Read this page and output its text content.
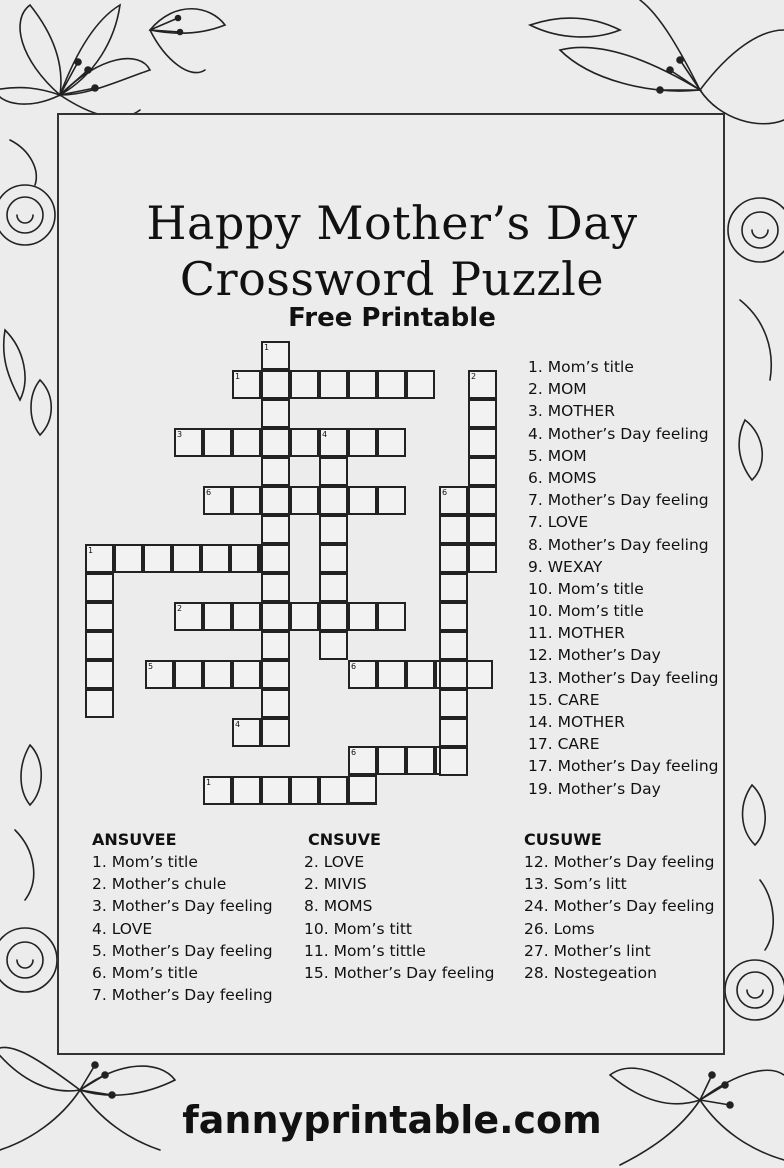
Happy Mother’s Day
Crossword Puzzle
Free Printable
1
1	2
3	4
6	6
1
2
5	6
4
6
1
1. Mom’s title
2. MOM
3. MOTHER
4. Mother’s Day feeling
5. MOM
6. MOMS
7. Mother’s Day feeling
7. LOVE
8. Mother’s Day feeling
9. WEXAY
10. Mom’s title
10. Mom’s title
11. MOTHER
12. Mother’s Day
13. Mother’s Day feeling
15. CARE
14. MOTHER
17. CARE
17. Mother’s Day feeling
19. Mother’s Day
ANSUVEE
1. Mom’s title
2. Mother’s chule
3. Mother’s Day feeling
4. LOVE
5. Mother’s Day feeling
6. Mom’s title
7. Mother’s Day feeling
CNSUVE
2. LOVE
2. MIVIS
8. MOMS
10. Mom’s titt
11. Mom’s tittle
15. Mother’s Day feeling
CUSUWE
12. Mother’s Day feeling
13. Som’s litt
24. Mother’s Day feeling
26. Loms
27. Mother’s lint
28. Nostegeation
fannyprintable.com
